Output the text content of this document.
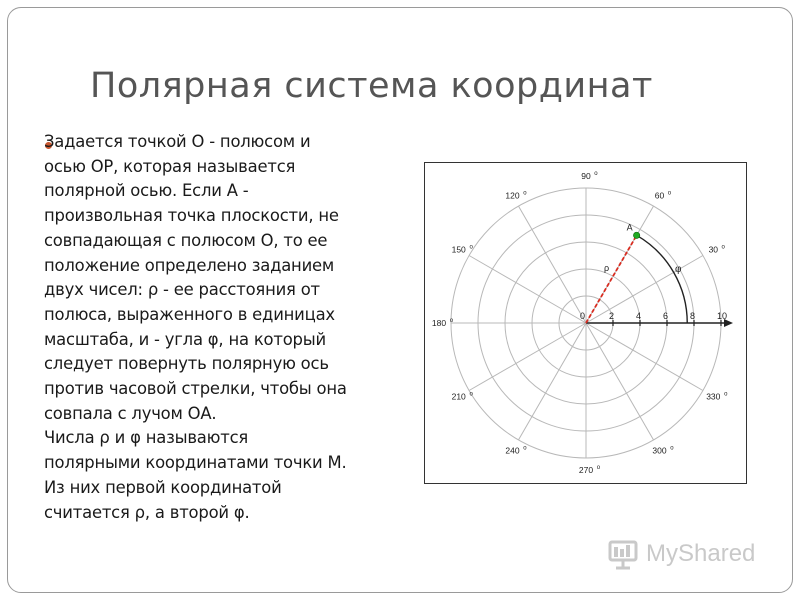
Полярная система координат

Задается точкой О - полюсом и

осью ОР, которая называется

полярной осью. Если А -

произвольная точка плоскости, не

совпадающая с полюсом О, то ее

положение определено заданием

двух чисел: ρ - ее расстояния от

полюса, выраженного в единицах

масштаба, и - угла φ, на который

следует повернуть полярную ось

против часовой стрелки, чтобы она

совпала с лучом ОА.

Числа ρ и φ называются

полярными координатами точки М.

Из них первой координатой

считается ρ, а второй φ.

0	2 4 6 8 10
30 o
60 o
90 o
120 o
150 o
180 o
210 o
240 o
270 o
300 o
330 o
A
ρ	φ
MyShared
